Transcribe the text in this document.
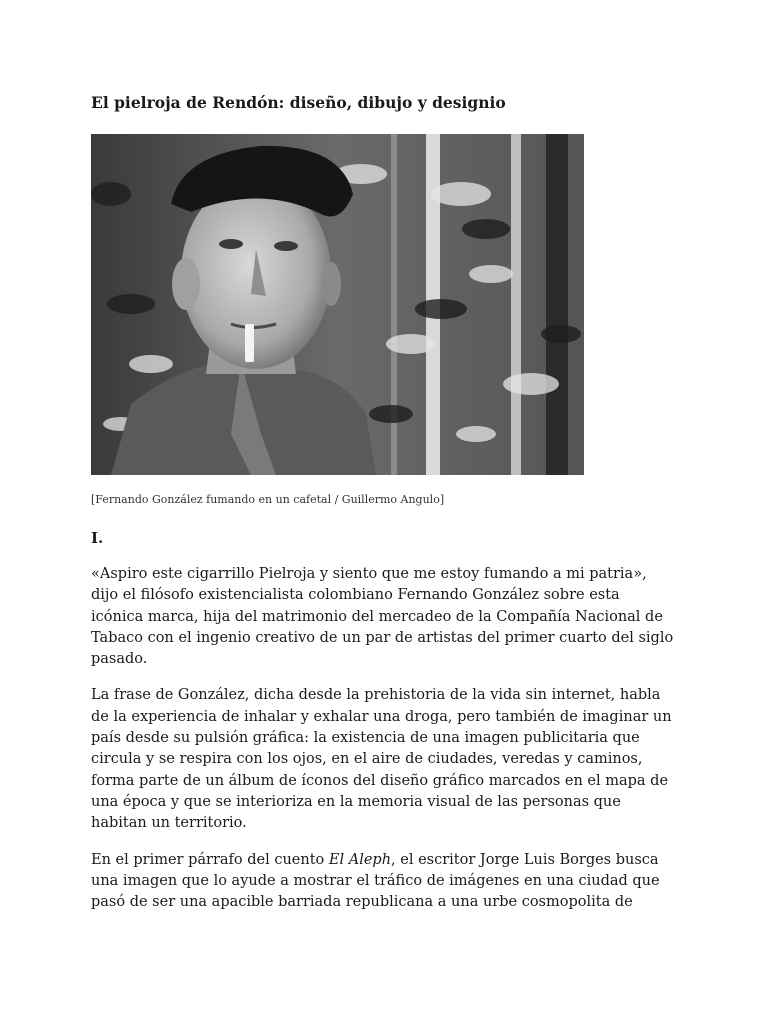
El pielroja de Rendón: diseño, dibujo y designio
[Fernando González fumando en un cafetal / Guillermo Angulo]
I.

«Aspiro este cigarrillo Pielroja y siento que me estoy fumando a mi patria»,
dijo el filósofo existencialista colombiano Fernando González sobre esta
icónica marca, hija del matrimonio del mercadeo de la Compañía Nacional de
Tabaco con el ingenio creativo de un par de artistas del primer cuarto del siglo
pasado.

La frase de González, dicha desde la prehistoria de la vida sin internet, habla
de la experiencia de inhalar y exhalar una droga, pero también de imaginar un
país desde su pulsión gráfica: la existencia de una imagen publicitaria que
circula y se respira con los ojos, en el aire de ciudades, veredas y caminos,
forma parte de un álbum de íconos del diseño gráfico marcados en el mapa de
una época y que se interioriza en la memoria visual de las personas que
habitan un territorio.

En el primer párrafo del cuento El Aleph, el escritor Jorge Luis Borges busca
una imagen que lo ayude a mostrar el tráfico de imágenes en una ciudad que
pasó de ser una apacible barriada republicana a una urbe cosmopolita de
